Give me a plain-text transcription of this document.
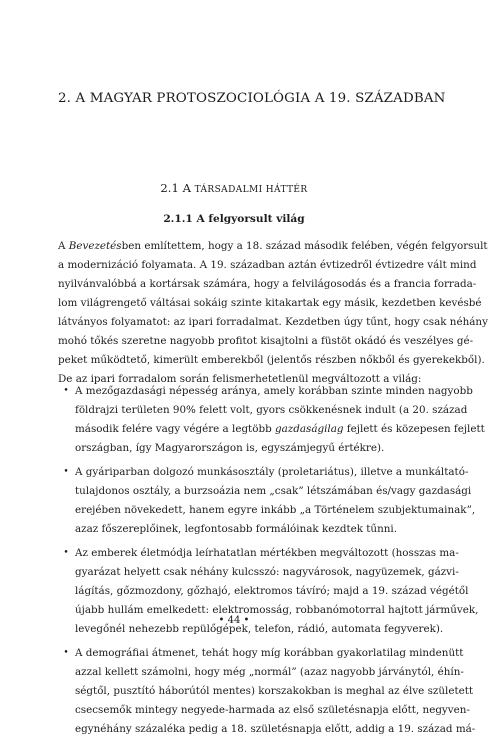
2. A MAGYAR PROTOSZOCIOLÓGIA A 19. SZÁZADBAN
2.1 A TÁRSADALMI HÁTTÉR
2.1.1 A felgyorsult világ
A Bevezetésben említettem, hogy a 18. század második felében, végén felgyorsult
a modernizáció folyamata. A 19. században aztán évtizedről évtizedre vált mind
nyilvánvalóbbá a kortársak számára, hogy a felvilágosodás és a francia forrada-
lom világrengető váltásai sokáig szinte kitakartak egy másik, kezdetben kevésbé
látványos folyamatot: az ipari forradalmat. Kezdetben úgy tűnt, hogy csak néhány
mohó tőkés szeretne nagyobb profitot kisajtolni a füstöt okádó és veszélyes gé-
peket működtető, kimerült emberekből (jelentős részben nőkből és gyerekekből).
De az ipari forradalom során felismerhetetlenül megváltozott a világ:
• A mezőgazdasági népesség aránya, amely korábban szinte minden nagyobb
földrajzi területen 90% felett volt, gyors csökkenésnek indult (a 20. század
második felére vagy végére a legtöbb gazdaságilag fejlett és közepesen fejlett
országban, így Magyarországon is, egyszámjegyű értékre).
• A gyáriparban dolgozó munkásosztály (proletariátus), illetve a munkáltató-
tulajdonos osztály, a burzsoázia nem „csak” létszámában és/vagy gazdasági
erejében növekedett, hanem egyre inkább „a Történelem szubjektumainak”,
azaz főszereplőinek, legfontosabb formálóinak kezdtek tűnni.
• Az emberek életmódja leírhatatlan mértékben megváltozott (hosszas ma-
gyarázat helyett csak néhány kulcsszó: nagyvárosok, nagyüzemek, gázvi-
lágítás, gőzmozdony, gőzhajó, elektromos távíró; majd a 19. század végétől
újabb hullám emelkedett: elektromosság, robbanómotorral hajtott járművek,
levegőnél nehezebb repülőgépek, telefon, rádió, automata fegyverek).
• A demográfiai átmenet, tehát hogy míg korábban gyakorlatilag mindenütt
azzal kellett számolni, hogy még „normál” (azaz nagyobb járványtól, éhín-
ségtől, pusztító háborútól mentes) korszakokban is meghal az élve született
csecsemők mintegy negyede-harmada az első születésnapja előtt, negyven-
egynéhány százaléka pedig a 18. születésnapja előtt, addig a 19. század má-
• 44 •
